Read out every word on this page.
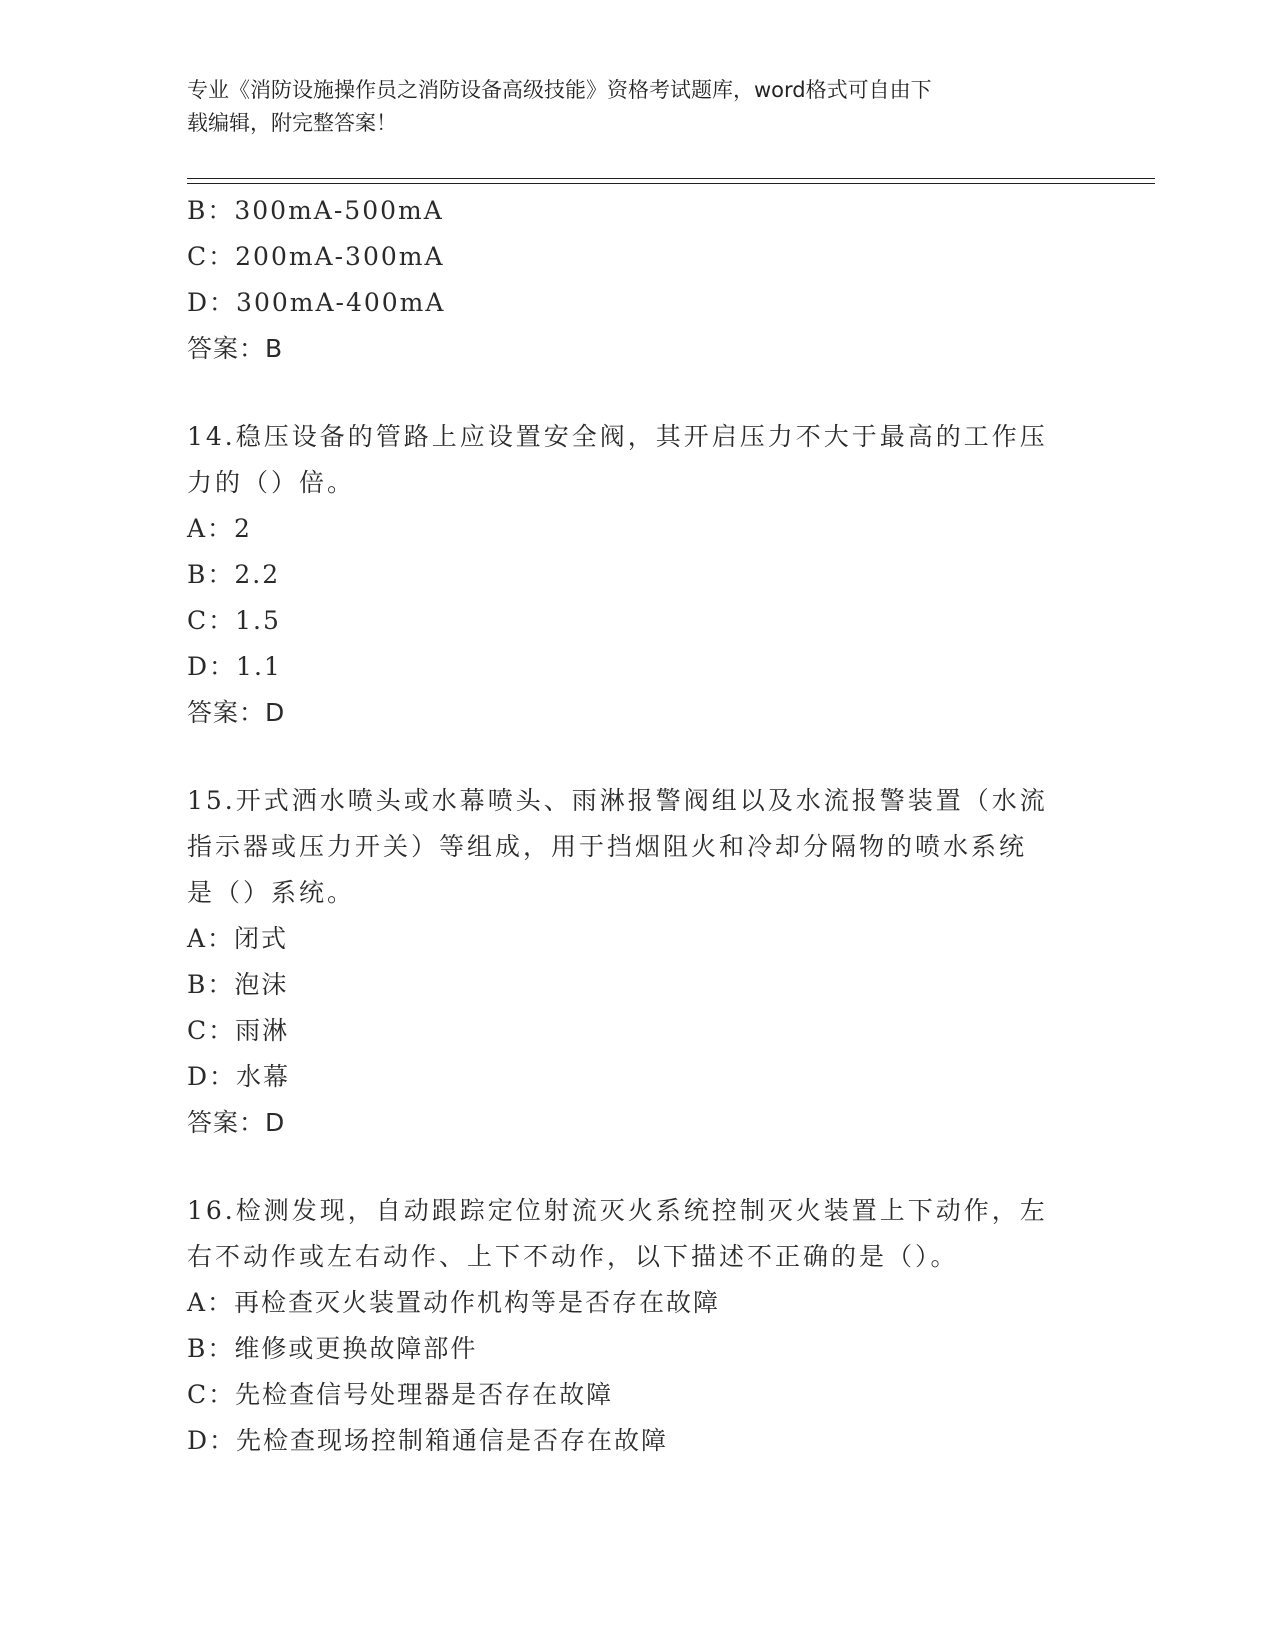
专业《消防设施操作员之消防设备高级技能》资格考试题库，word格式可自由下
载编辑，附完整答案！
B：300mA-500mA
C：200mA-300mA
D：300mA-400mA
答案：B
14.稳压设备的管路上应设置安全阀，其开启压力不大于最高的工作压
力的（）倍。
A：2
B：2.2
C：1.5
D：1.1
答案：D
15.开式洒水喷头或水幕喷头、雨淋报警阀组以及水流报警装置（水流
指示器或压力开关）等组成，用于挡烟阻火和冷却分隔物的喷水系统
是（）系统。
A：闭式
B：泡沫
C：雨淋
D：水幕
答案：D
16.检测发现，自动跟踪定位射流灭火系统控制灭火装置上下动作，左
右不动作或左右动作、上下不动作，以下描述不正确的是（）。
A：再检查灭火装置动作机构等是否存在故障
B：维修或更换故障部件
C：先检查信号处理器是否存在故障
D：先检查现场控制箱通信是否存在故障
